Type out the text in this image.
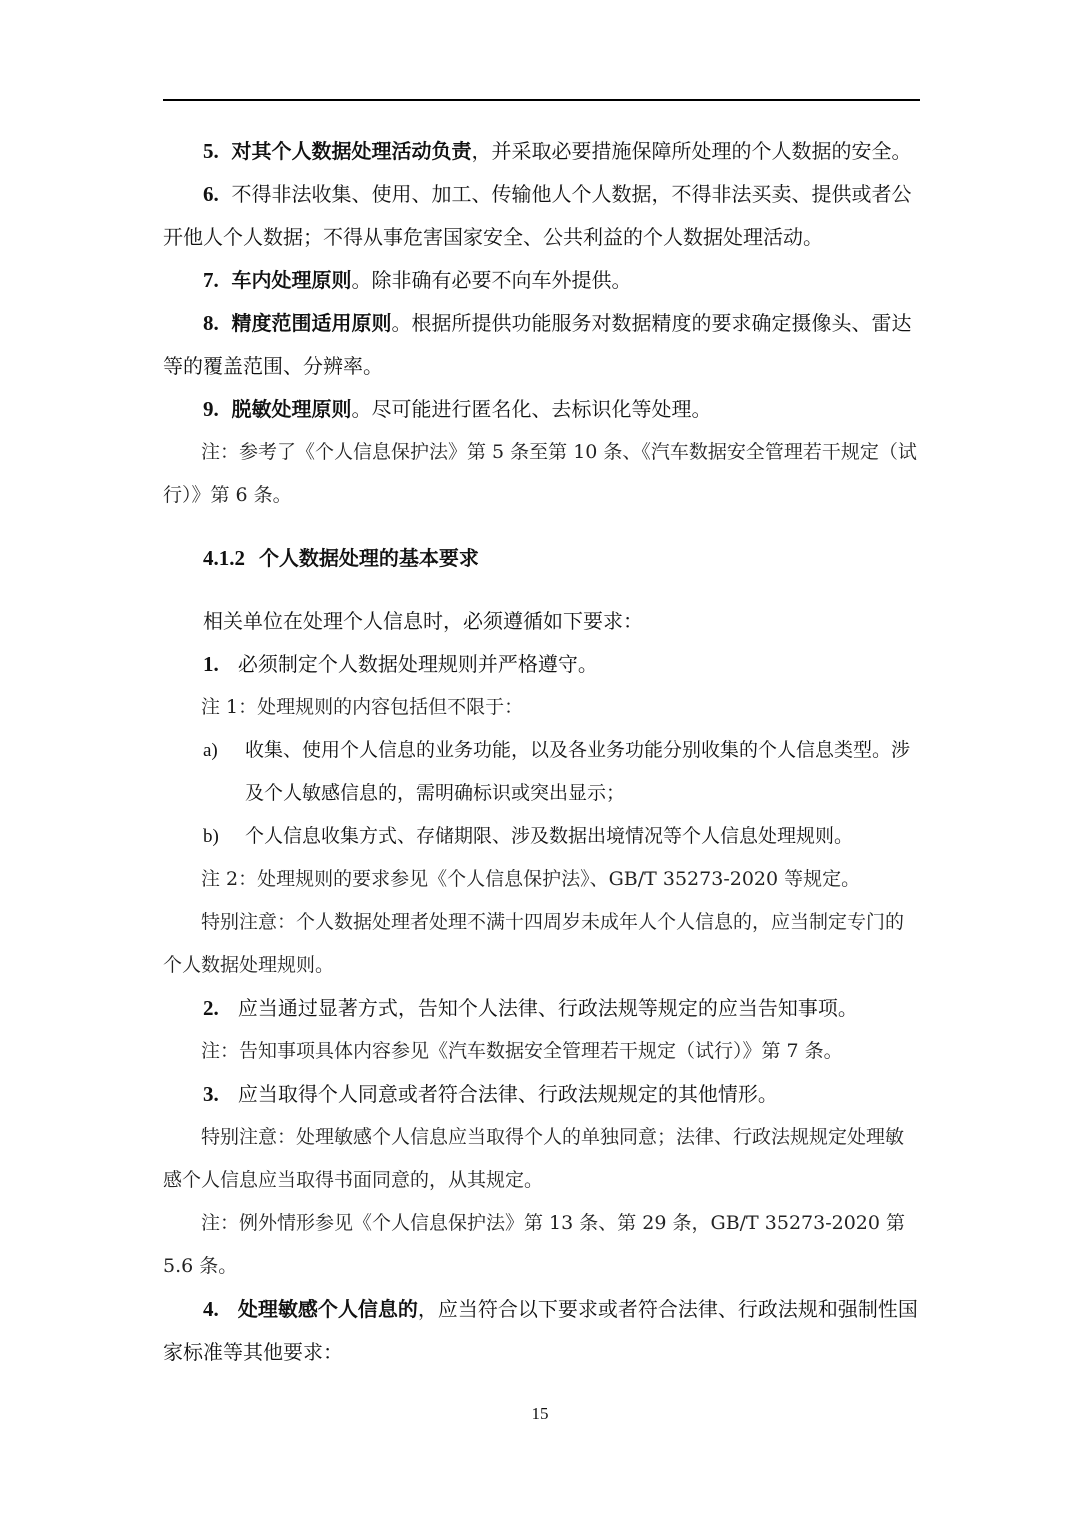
5. 对其个人数据处理活动负责，并采取必要措施保障所处理的个人数据的安全。

6. 不得非法收集、使用、加工、传输他人个人数据，不得非法买卖、提供或者公开他人个人数据；不得从事危害国家安全、公共利益的个人数据处理活动。

7. 车内处理原则。除非确有必要不向车外提供。

8. 精度范围适用原则。根据所提供功能服务对数据精度的要求确定摄像头、雷达等的覆盖范围、分辨率。

9. 脱敏处理原则。尽可能进行匿名化、去标识化等处理。

注：参考了《个人信息保护法》第 5 条至第 10 条、《汽车数据安全管理若干规定（试行）》第 6 条。

4.1.2 个人数据处理的基本要求

相关单位在处理个人信息时，必须遵循如下要求：

1. 必须制定个人数据处理规则并严格遵守。

注 1：处理规则的内容包括但不限于：

a)	收集、使用个人信息的业务功能，以及各业务功能分别收集的个人信息类型。涉及个人敏感信息的，需明确标识或突出显示；
b)	个人信息收集方式、存储期限、涉及数据出境情况等个人信息处理规则。

注 2：处理规则的要求参见《个人信息保护法》、GB/T 35273-2020 等规定。

特别注意：个人数据处理者处理不满十四周岁未成年人个人信息的，应当制定专门的个人数据处理规则。

2. 应当通过显著方式，告知个人法律、行政法规等规定的应当告知事项。

注：告知事项具体内容参见《汽车数据安全管理若干规定（试行）》第 7 条。

3. 应当取得个人同意或者符合法律、行政法规规定的其他情形。

特别注意：处理敏感个人信息应当取得个人的单独同意；法律、行政法规规定处理敏感个人信息应当取得书面同意的，从其规定。

注：例外情形参见《个人信息保护法》第 13 条、第 29 条，GB/T 35273-2020 第 5.6 条。

4. 处理敏感个人信息的，应当符合以下要求或者符合法律、行政法规和强制性国家标准等其他要求：

15
